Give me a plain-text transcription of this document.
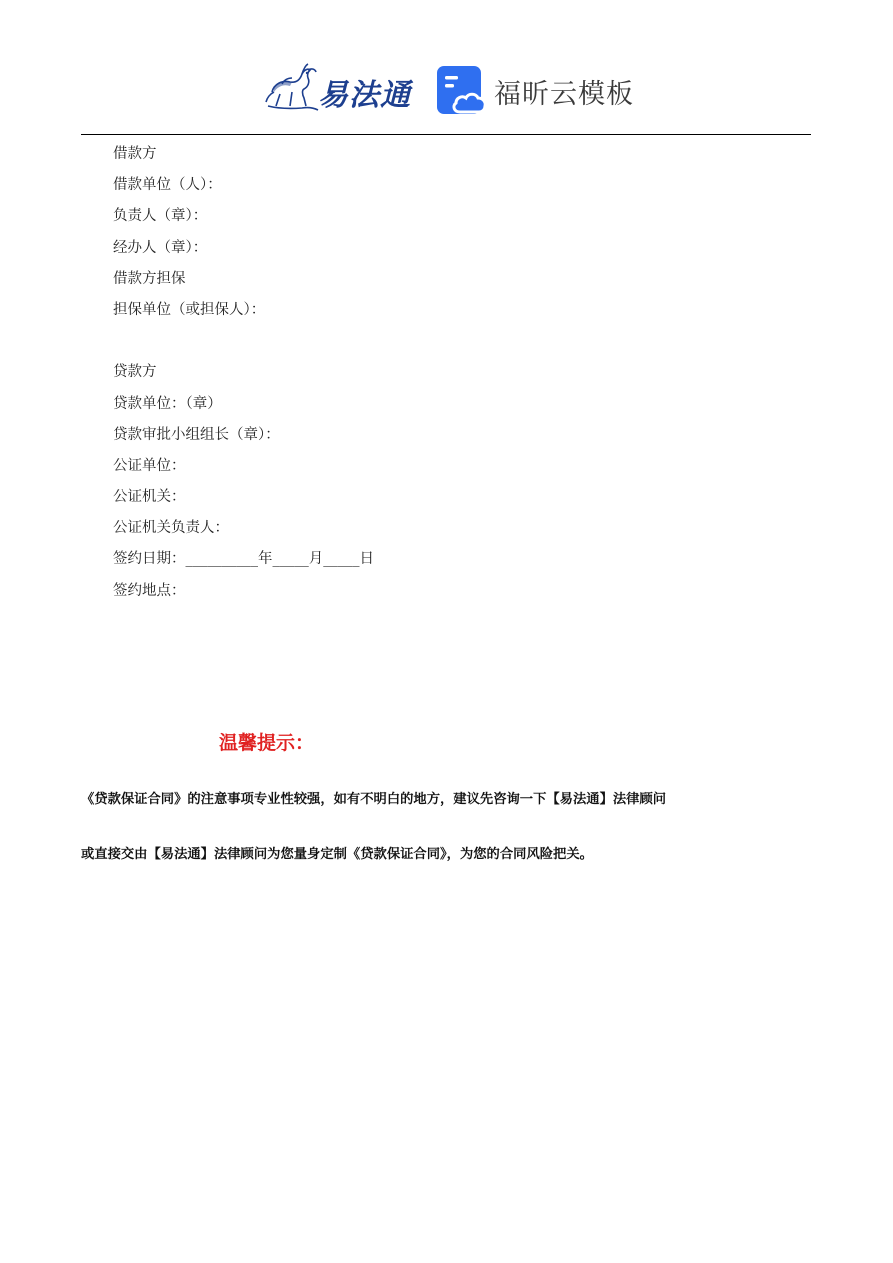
易法通	福昕云模板
借款方
借款单位（人）：
负责人（章）：
经办人（章）：
借款方担保
担保单位（或担保人）：
贷款方
贷款单位：（章）
贷款审批小组组长（章）：
公证单位：
公证机关：
公证机关负责人：
签约日期：__________年_____月_____日
签约地点：
温馨提示：
《贷款保证合同》的注意事项专业性较强，如有不明白的地方，建议先咨询一下【易法通】法律顾问
或直接交由【易法通】法律顾问为您量身定制《贷款保证合同》，为您的合同风险把关。
